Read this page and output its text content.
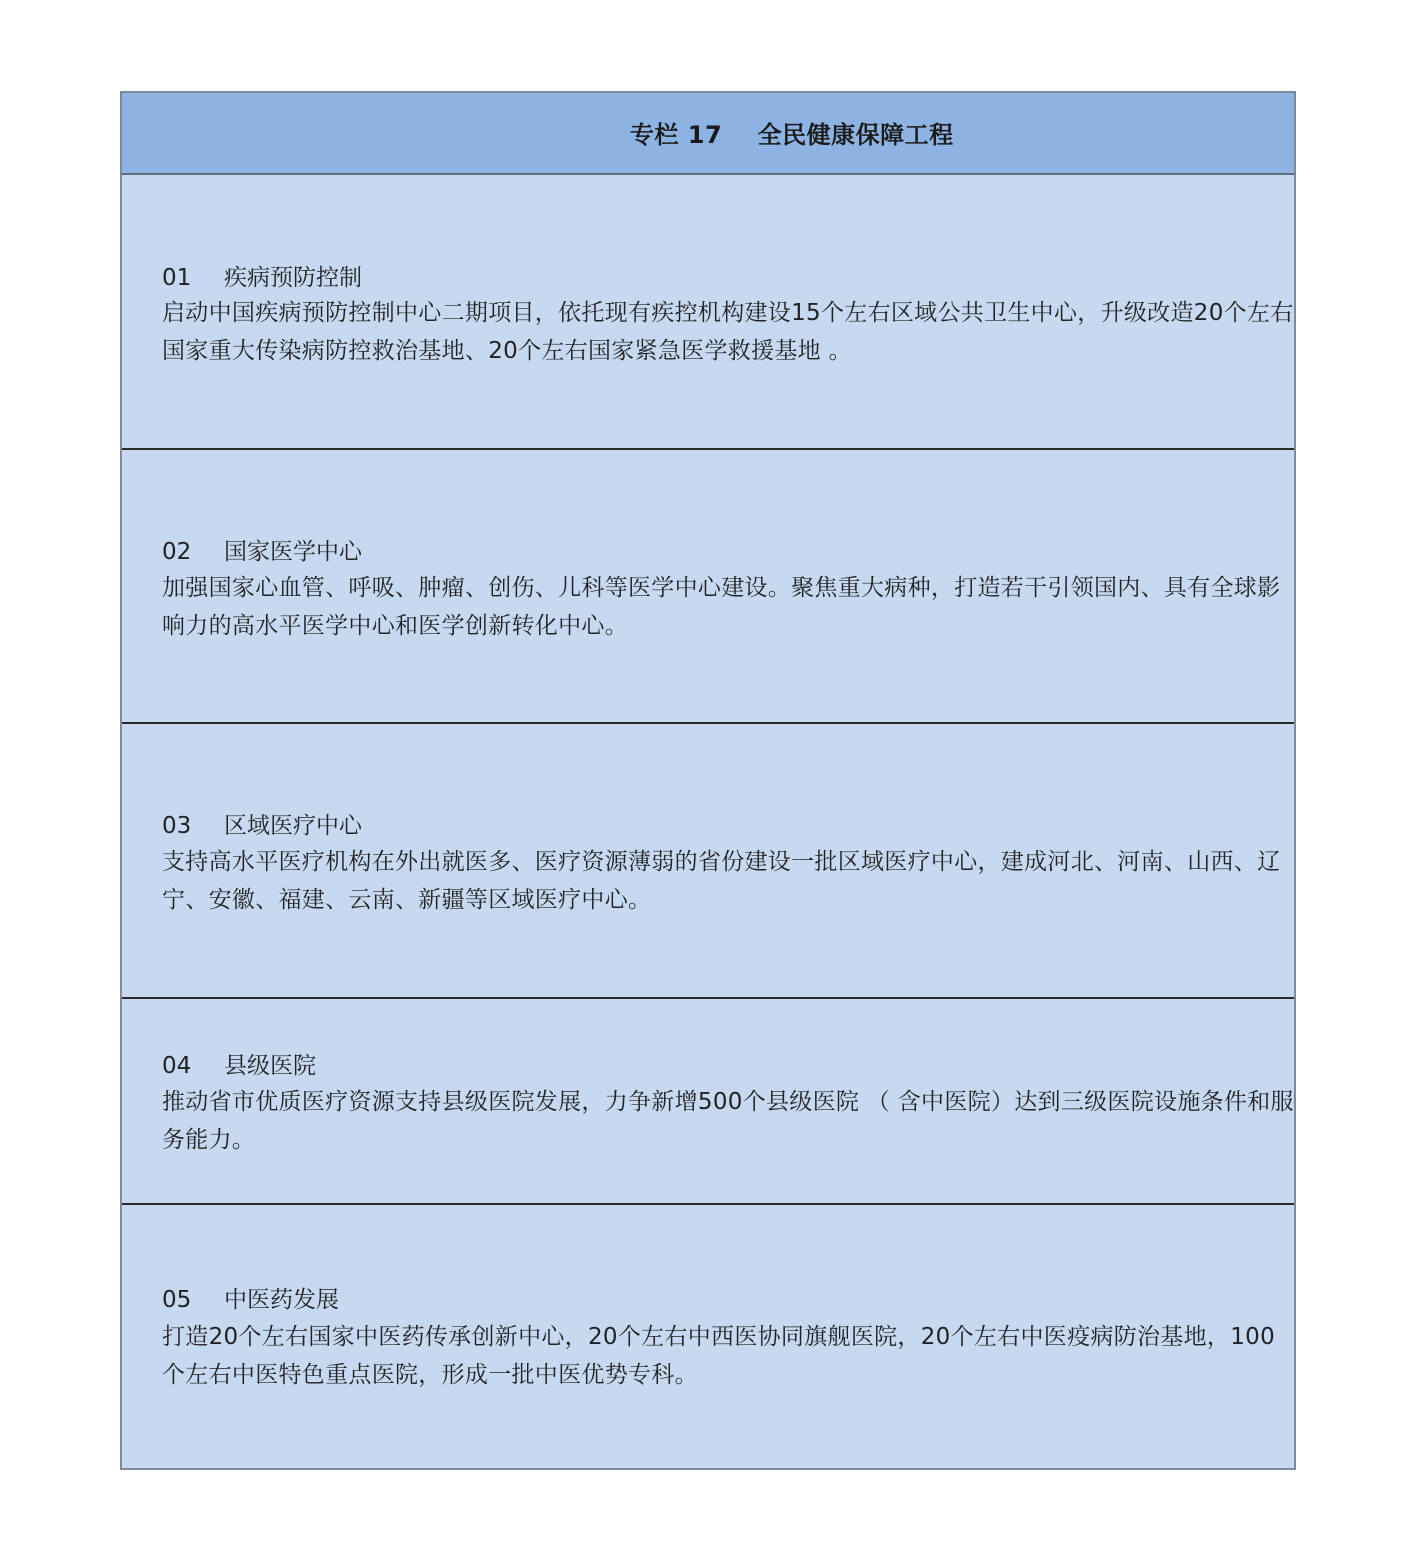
专栏 17    全民健康保障工程
01 疾病预防控制
启动中国疾病预防控制中心二期项目，依托现有疾控机构建设15个左右区域公共卫生中心，升级改造20个左右国家重大传染病防控救治基地、20个左右国家紧急医学救援基地 。
02 国家医学中心
加强国家心血管、呼吸、肿瘤、创伤、儿科等医学中心建设。聚焦重大病种，打造若干引领国内、具有全球影响力的高水平医学中心和医学创新转化中心。
03 区域医疗中心
支持高水平医疗机构在外出就医多、医疗资源薄弱的省份建设一批区域医疗中心，建成河北、河南、山西、辽宁、安徽、福建、云南、新疆等区域医疗中心。
04 县级医院
推动省市优质医疗资源支持县级医院发展，力争新增500个县级医院 （ 含中医院）达到三级医院设施条件和服务能力。
05 中医药发展
打造20个左右国家中医药传承创新中心，20个左右中西医协同旗舰医院，20个左右中医疫病防治基地，100个左右中医特色重点医院，形成一批中医优势专科。
